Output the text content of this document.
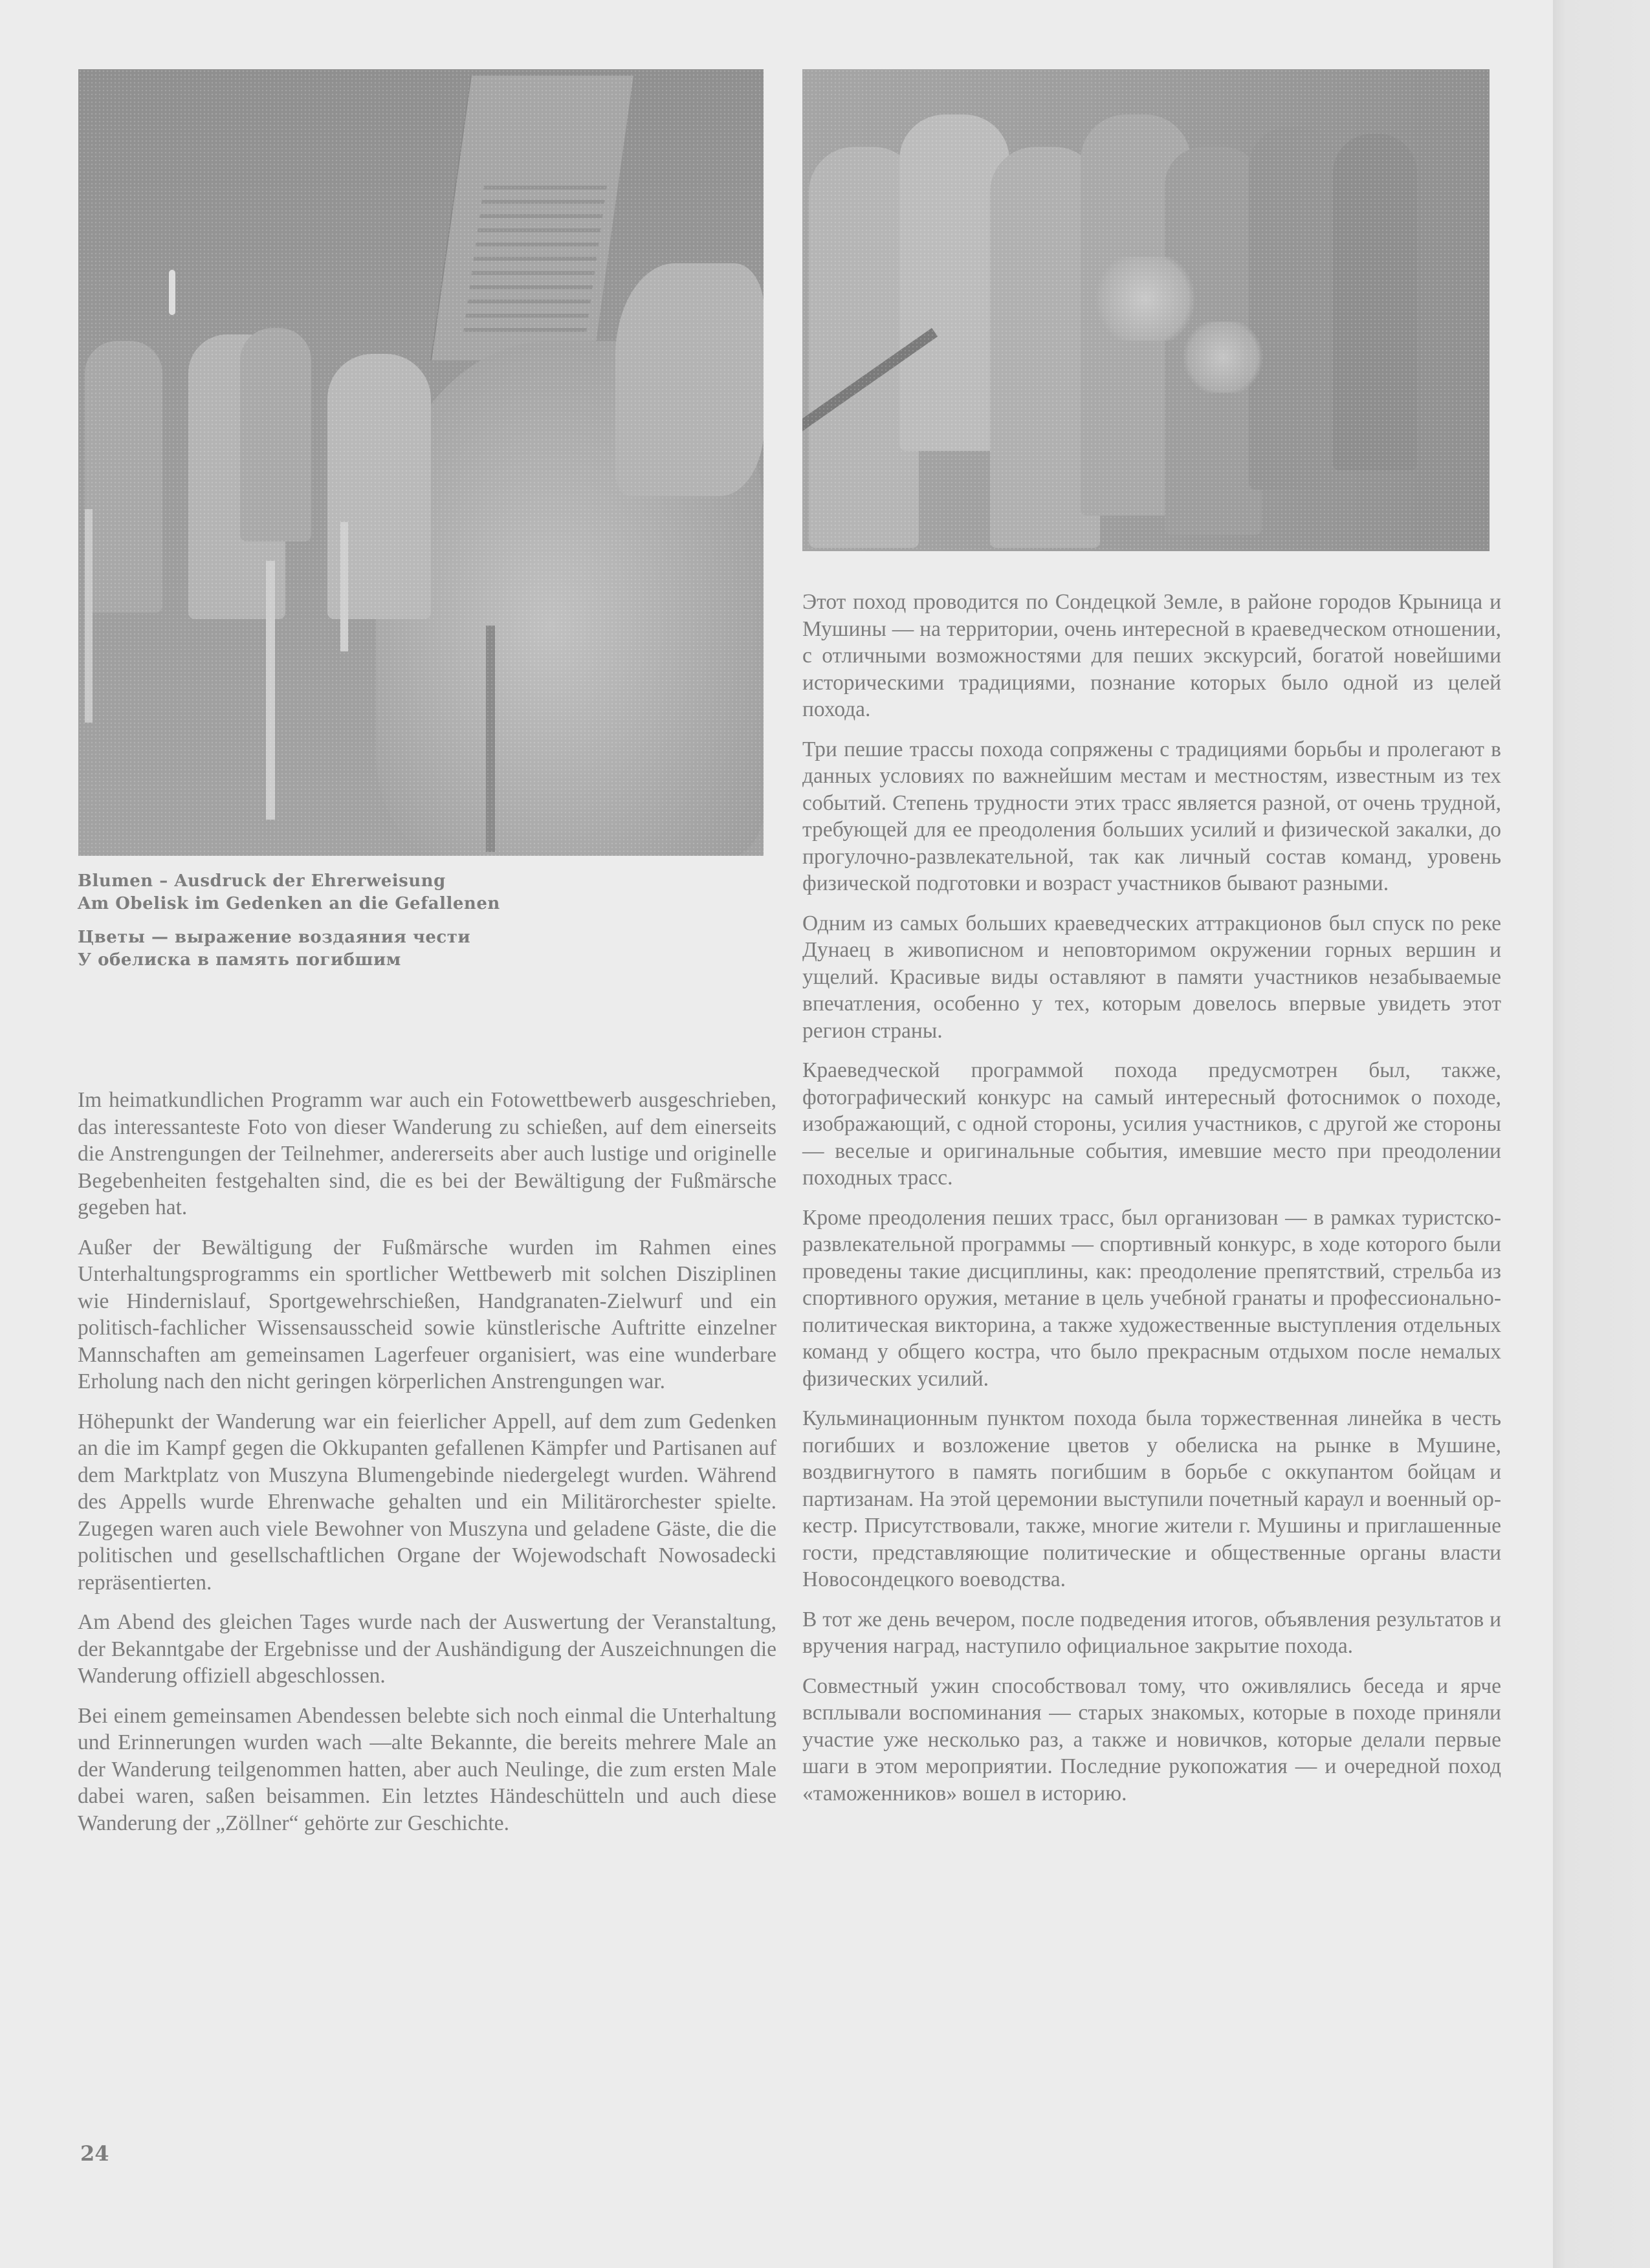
Blumen – Ausdruck der Ehrerweisung
Am Obelisk im Gedenken an die Gefallenen
Цветы — выражение воздаяния чести
У обелиска в память погибшим

Im heimatkundlichen Programm war auch ein Fotowettbewerb ausgeschrieben, das interessanteste Foto von dieser Wanderung zu schießen, auf dem einerseits die Anstrengungen der Teilnehmer, andererseits aber auch lustige und originelle Begebenheiten festgehalten sind, die es bei der Bewältigung der Fußmärsche gegeben hat.

Außer der Bewältigung der Fußmärsche wurden im Rahmen eines Unterhaltungsprogramms ein sportlicher Wettbewerb mit solchen Disziplinen wie Hindernislauf, Sportgewehrschießen, Handgranaten-Zielwurf und ein politisch-fachlicher Wissensausscheid sowie künstlerische Auftritte einzelner Mannschaften am gemeinsamen Lagerfeuer organisiert, was eine wunderbare Erholung nach den nicht geringen körperlichen Anstrengungen war.

Höhepunkt der Wanderung war ein feierlicher Appell, auf dem zum Gedenken an die im Kampf gegen die Okkupanten gefallenen Kämpfer und Partisanen auf dem Marktplatz von Muszyna Blumengebinde niedergelegt wurden. Während des Appells wurde Ehrenwache gehalten und ein Militärorchester spielte. Zugegen waren auch viele Bewohner von Muszyna und geladene Gäste, die die politischen und gesellschaftlichen Organe der Wojewodschaft Nowosadecki repräsentierten.

Am Abend des gleichen Tages wurde nach der Auswertung der Veranstaltung, der Bekanntgabe der Ergebnisse und der Aushändigung der Auszeichnungen die Wanderung offiziell abgeschlossen.

Bei einem gemeinsamen Abendessen belebte sich noch einmal die Unterhaltung und Erinnerungen wurden wach —alte Bekannte, die bereits mehrere Male an der Wanderung teilgenommen hatten, aber auch Neulinge, die zum ersten Male dabei waren, saßen beisammen. Ein letztes Händeschütteln und auch diese Wanderung der „Zöllner“ gehörte zur Geschichte.

Этот поход проводится по Сондецкой Земле, в районе городов Крыница и Мушины — на территории, очень интересной в краеведческом отношении, с отличными возможностями для пеших экскурсий, богатой новейшими историческими традициями, познание которых было одной из целей похода.

Три пешие трассы похода сопряжены с традициями борьбы и пролегают в данных условиях по важнейшим местам и местностям, известным из тех событий. Степень трудности этих трасс является разной, от очень трудной, требующей для ее преодоления больших усилий и физической закалки, до прогулочно-развлекательной, так как личный состав команд, уровень физической подготовки и возраст участников бывают разными.

Одним из самых больших краеведческих аттракционов был спуск по реке Дунаец в живописном и неповторимом окружении горных вершин и ущелий. Красивые виды оставляют в памяти участников незабываемые впечатления, особенно у тех, которым довелось впервые увидеть этот регион страны.

Краеведческой программой похода предусмотрен был, также, фотографический конкурс на самый интересный фотоснимок о походе, изображающий, с одной стороны, усилия участников, с другой же стороны — веселые и оригинальные события, имевшие место при преодолении походных трасс.

Кроме преодоления пеших трасс, был организован — в рамках туристско-развлекательной программы — спортивный конкурс, в ходе которого были проведены такие дисциплины, как: преодоление препятствий, стрельба из спортивного оружия, метание в цель учебной гранаты и профессионально-политическая викторина, а также художественные выступления отдельных команд у общего костра, что было прекрасным отдыхом после немалых физических усилий.

Кульминационным пунктом похода была торжественная линейка в честь погибших и возложение цветов у обелиска на рынке в Мушине, воздвигнутого в память погибшим в борьбе с оккупантом бойцам и партизанам. На этой церемонии выступили почетный караул и военный оркестр. Присутствовали, также, многие жители г. Мушины и приглашенные гости, представляющие политические и общественные органы власти Новосондецкого воеводства.

В тот же день вечером, после подведения итогов, объявления результатов и вручения наград, наступило официальное закрытие похода.

Совместный ужин способствовал тому, что оживлялись беседа и ярче всплывали воспоминания — старых знакомых, которые в походе приняли участие уже несколько раз, а также и новичков, которые делали первые шаги в этом мероприятии. Последние рукопожатия — и очередной поход «таможенников» вошел в историю.

24
